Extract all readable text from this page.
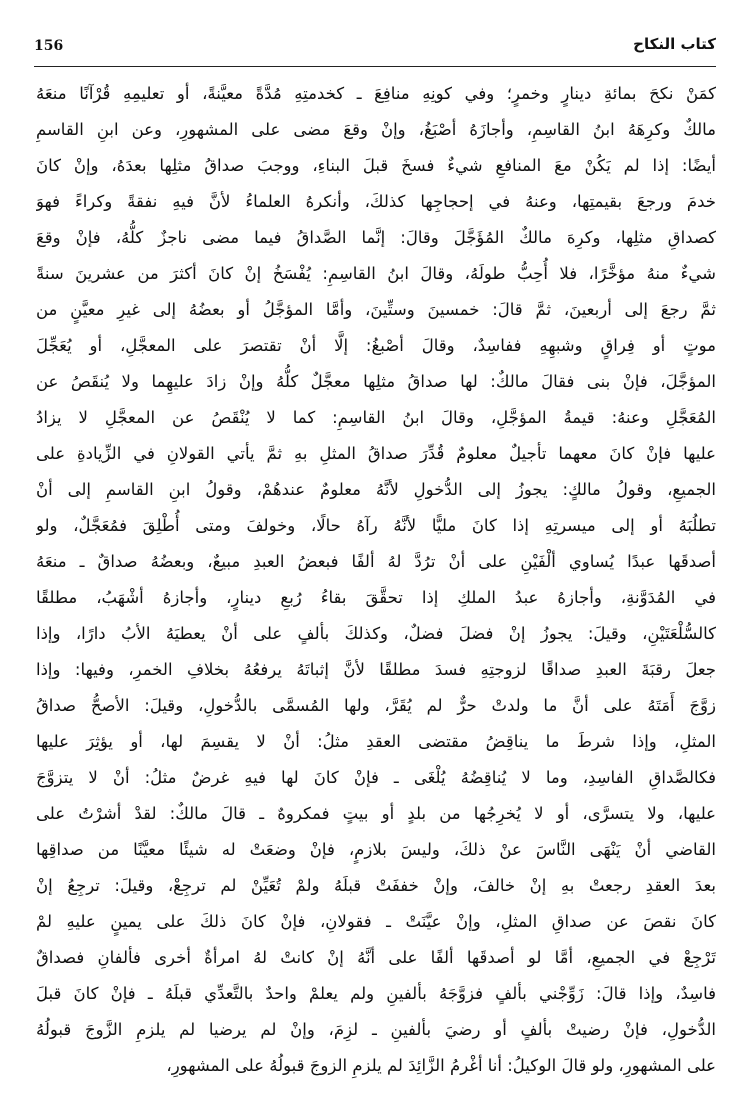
156	كتاب النكاح
كمَنْ نكحَ بمائةِ دينارٍ وخمرٍ؛ وفي كونِهِ منافِعَ ـ كخدمتِهِ مُدَّةً معيَّنةً، أو تعليمِهِ قُرْآنًا منعَهُ
مالكٌ وكرِهَهُ ابنُ القاسِمِ، وأجازَهُ أصْبَغُ، وإنْ وقعَ مضى على المشهورِ، وعن ابنِ القاسمِ
أيضًا: إذا لم يَكُنْ معَ المنافعِ شيءٌ فسخَ قبلَ البناءِ، ووجبَ صداقُ مثلِها بعدَهُ، وإنْ كانَ
خدمَ ورجعَ بقيمتِها، وعنهُ في إحجاجِها كذلكَ، وأنكرهُ العلماءُ لأنَّ فيهِ نفقةً وكراءً فهوَ
كصداقِ مثلِها، وكرِهَ مالكٌ المُؤَجَّلَ وقالَ: إنَّما الصَّداقُ فيما مضى ناجزٌ كلُّهُ، فإنْ وقعَ
شيءٌ منهُ مؤخَّرًا، فلا أُحِبُّ طولَهُ، وقالَ ابنُ القاسِمِ: يُفْسَخُ إنْ كانَ أكثرَ من عشرينَ سنةً
ثمَّ رجعَ إلى أربعينَ، ثمَّ قالَ: خمسينَ وستِّينَ، وأمَّا المؤجَّلُ أو بعضُهُ إلى غيرِ معيَّنٍ من
موتٍ أو فِراقٍ وشبهِهِ ففاسِدٌ، وقالَ أصْبغُ: إلَّا أنْ تقتصرَ على المعجَّلِ، أو يُعَجِّلَ
المؤجَّلَ، فإنْ بنى فقالَ مالكٌ: لها صداقُ مثلِها معجَّلٌ كلُّهُ وإنْ زادَ عليهِما ولا يُنقَصُ عن
المُعَجَّلِ وعنهُ: قيمةُ المؤجَّلِ، وقالَ ابنُ القاسِمِ: كما لا يُنْقَصُ عن المعجَّلِ لا يزادُ
عليها فإنْ كانَ معهما تأجيلٌ معلومٌ قُدِّرَ صداقُ المثلِ بهِ ثمَّ يأتي القولانِ في الزِّيادةِ على
الجميعِ، وقولُ مالكٍ: يجوزُ إلى الدُّخولِ لأنَّهُ معلومٌ عندهُمْ، وقولُ ابنِ القاسمِ إلى أنْ
تطلُبَهُ أو إلى ميسرتِهِ إذا كانَ مليًّا لأنَّهُ رآهُ حالًا، وخولفَ ومتى أُطْلِقَ فمُعَجَّلٌ، ولو
أصدقَها عبدًا يُساوي ألْفَيْنِ على أنْ ترُدَّ لهُ ألفًا فبعضُ العبدِ مبيعٌ، وبعضُهُ صداقٌ ـ منعَهُ
في المُدَوَّنةِ، وأجازهُ عبدُ الملكِ إذا تحقَّقَ بقاءُ رُبعِ دينارٍ، وأجازهُ أشْهَبُ، مطلقًا
كالسُّلْعَتَيْنِ، وقيلَ: يجوزُ إنْ فضلَ فضلٌ، وكذلكَ بألفٍ على أنْ يعطيَهُ الأبُ دارًا، وإذا
جعلَ رقبَةَ العبدِ صداقًا لزوجتِهِ فسدَ مطلقًا لأنَّ إثباتَهُ يرفعُهُ بخلافِ الخمرِ، وفيها: وإذا
زوَّجَ أَمَتَهُ على أنَّ ما ولدتْ حرٌّ لم يُقَرَّ، ولها المُسمَّى بالدُّخولِ، وقيلَ: الأصحُّ صداقُ
المثلِ، وإذا شرطَ ما يناقِضُ مقتضى العقدِ مثلُ: أنْ لا يقسِمَ لها، أو يؤثِرَ عليها
فكالصَّداقِ الفاسِدِ، وما لا يُناقِضُهُ يُلْغَى ـ فإنْ كانَ لها فيهِ غرضٌ مثلُ: أنْ لا يتزوَّجَ
عليها، ولا يتسرَّى، أو لا يُخرِجُها من بلدٍ أو بيتٍ فمكروهٌ ـ قالَ مالكٌ: لقدْ أشرْتُ على
القاضي أنْ يَنْهَى النَّاسَ عنْ ذلكَ، وليسَ بلازمٍ، فإنْ وضعَتْ له شيئًا معيَّنًا من صداقِها
بعدَ العقدِ رجعتْ بهِ إنْ خالفَ، وإنْ خففَتْ قبلَهُ ولمْ تُعَيِّنْ لم ترجِعْ، وقيلَ: ترجِعُ إنْ
كانَ نقصَ عن صداقِ المثلِ، وإنْ عيَّنَتْ ـ فقولانِ، فإنْ كانَ ذلكَ على يمينٍ عليهِ لمْ
تَرْجِعْ في الجميعِ، أمَّا لو أصدقَها ألفًا على أنَّهُ إنْ كانتْ لهُ امرأةٌ أخرى فألفانِ فصداقٌ
فاسِدٌ، وإذا قالَ: زَوِّجْني بألفٍ فزوَّجَهُ بألفينِ ولم يعلمْ واحدٌ بالتَّعدِّي قبلَهُ ـ فإنْ كانَ قبلَ
الدُّخولِ، فإنْ رضيتْ بألفٍ أو رضيَ بألفينِ ـ لزِمَ، وإنْ لم يرضيا لم يلزمِ الزَّوجَ قبولُهُ
على المشهورِ، ولو قالَ الوكيلُ: أنا أغْرمُ الزَّائِدَ لم يلزمِ الزوجَ قبولُهُ على المشهورِ،
